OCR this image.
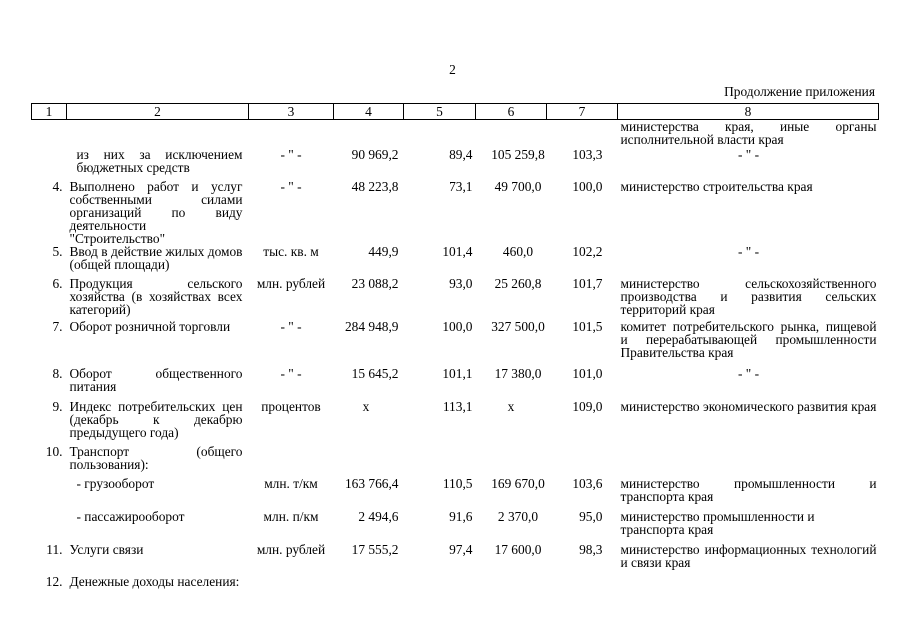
2
Продолжение приложения
1	2	3	4	5	6	7	8
							министерства края, иные органы исполнительной власти края
	из них за исключением бюджетных средств	- " -	90 969,2	89,4	105 259,8	103,3	- " -
4.	Выполнено работ и услуг собственными силами организаций по виду деятельности "Строительство"	- " -	48 223,8	73,1	49 700,0	100,0	министерство строительства края
5.	Ввод в действие жилых домов (общей площади)	тыс. кв. м	449,9	101,4	460,0	102,2	- " -
6.	Продукция сельского хозяйства (в хозяйствах всех категорий)	млн. рублей	23 088,2	93,0	25 260,8	101,7	министерство сельскохозяйственного производства и развития сельских территорий края
7.	Оборот розничной торговли	- " -	284 948,9	100,0	327 500,0	101,5	комитет потребительского рынка, пищевой и перерабатывающей промышленности Правительства края
8.	Оборот общественного питания	- " -	15 645,2	101,1	17 380,0	101,0	- " -
9.	Индекс потребительских цен (декабрь к декабрю предыдущего года)	процентов	х	113,1	х	109,0	министерство экономического развития края
10.	Транспорт (общего пользования):						
	- грузооборот	млн. т/км	163 766,4	110,5	169 670,0	103,6	министерство промышленности и транспорта края
	- пассажирооборот	млн. п/км	2 494,6	91,6	2 370,0	95,0	министерство промышленности и транспорта края
11.	Услуги связи	млн. рублей	17 555,2	97,4	17 600,0	98,3	министерство информационных технологий и связи края
12.	Денежные доходы населения:						
